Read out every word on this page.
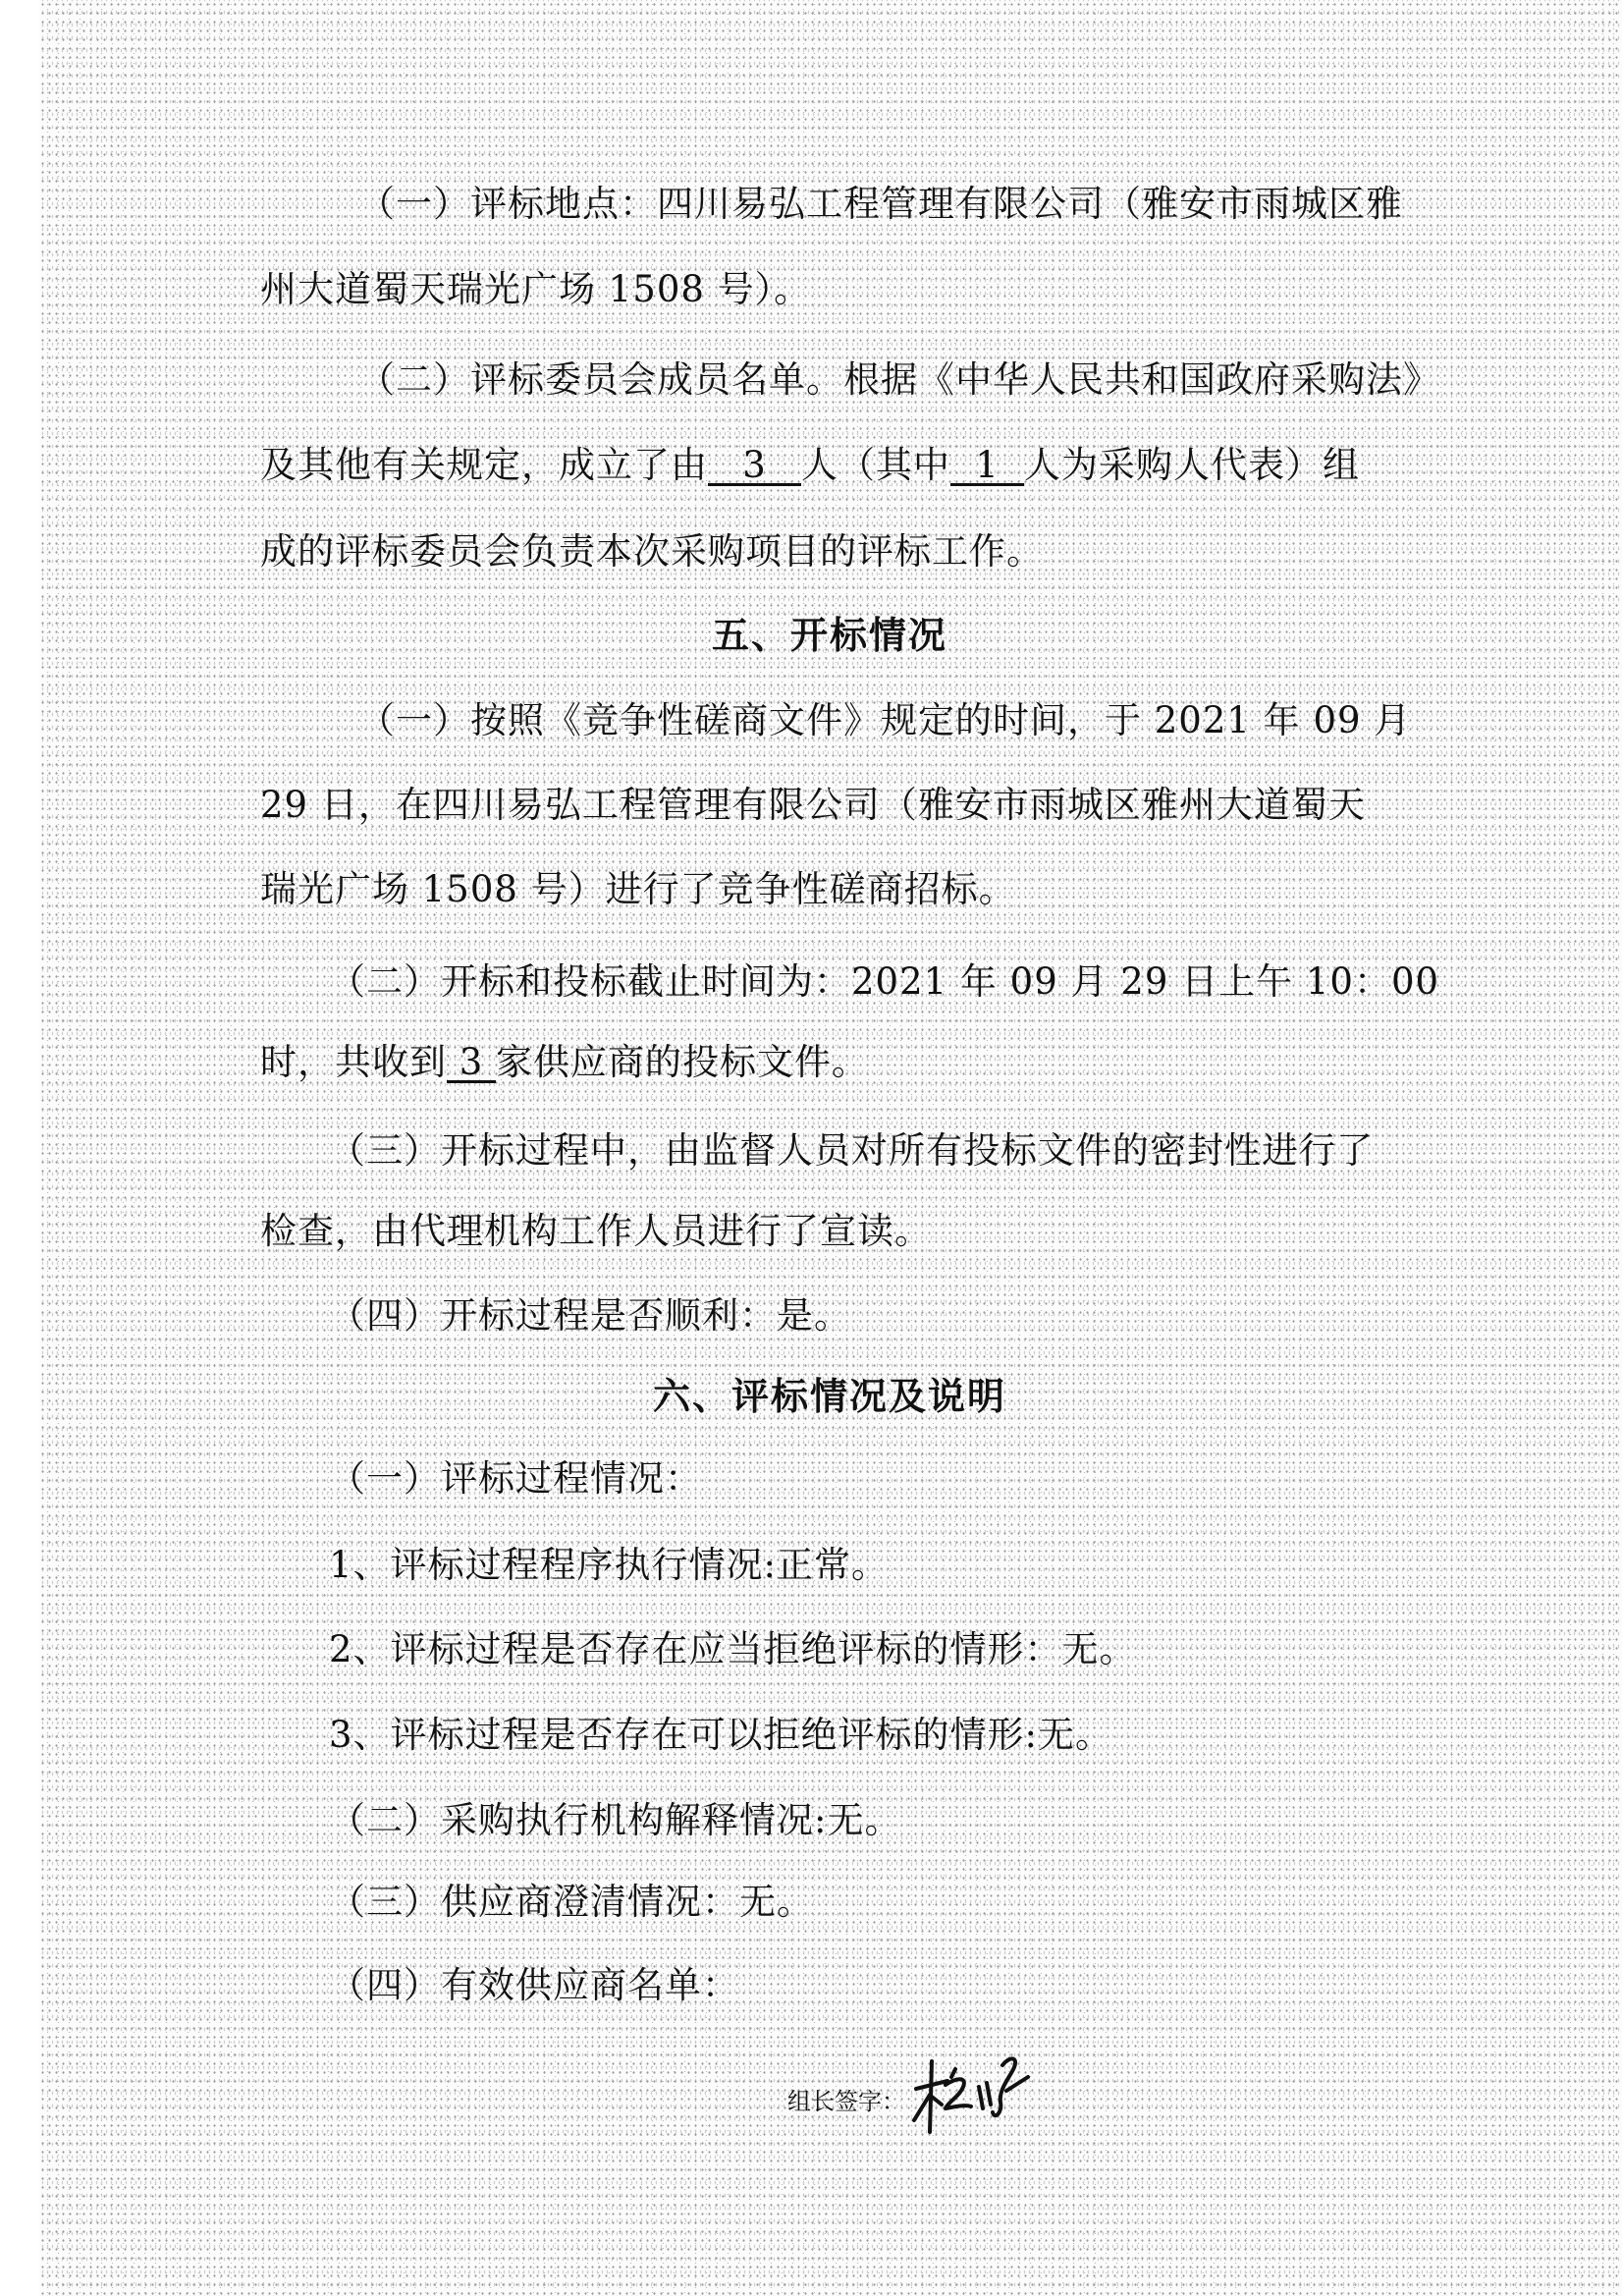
（一）评标地点：四川易弘工程管理有限公司（雅安市雨城区雅
州大道蜀天瑞光广场 1508 号）。
（二）评标委员会成员名单。根据《中华人民共和国政府采购法》
及其他有关规定，成立了由 3 人（其中 1 人为采购人代表）组
成的评标委员会负责本次采购项目的评标工作。
五、开标情况
（一）按照《竞争性磋商文件》规定的时间，于 2021 年 09 月
29 日，在四川易弘工程管理有限公司（雅安市雨城区雅州大道蜀天
瑞光广场 1508 号）进行了竞争性磋商招标。
（二）开标和投标截止时间为：2021 年 09 月 29 日上午 10：00
时，共收到 3 家供应商的投标文件。
（三）开标过程中，由监督人员对所有投标文件的密封性进行了
检查，由代理机构工作人员进行了宣读。
（四）开标过程是否顺利：是。
六、评标情况及说明
（一）评标过程情况：
1、评标过程程序执行情况:正常。
2、评标过程是否存在应当拒绝评标的情形：无。
3、评标过程是否存在可以拒绝评标的情形:无。
（二）采购执行机构解释情况:无。
（三）供应商澄清情况：无。
（四）有效供应商名单：
组长签字：
